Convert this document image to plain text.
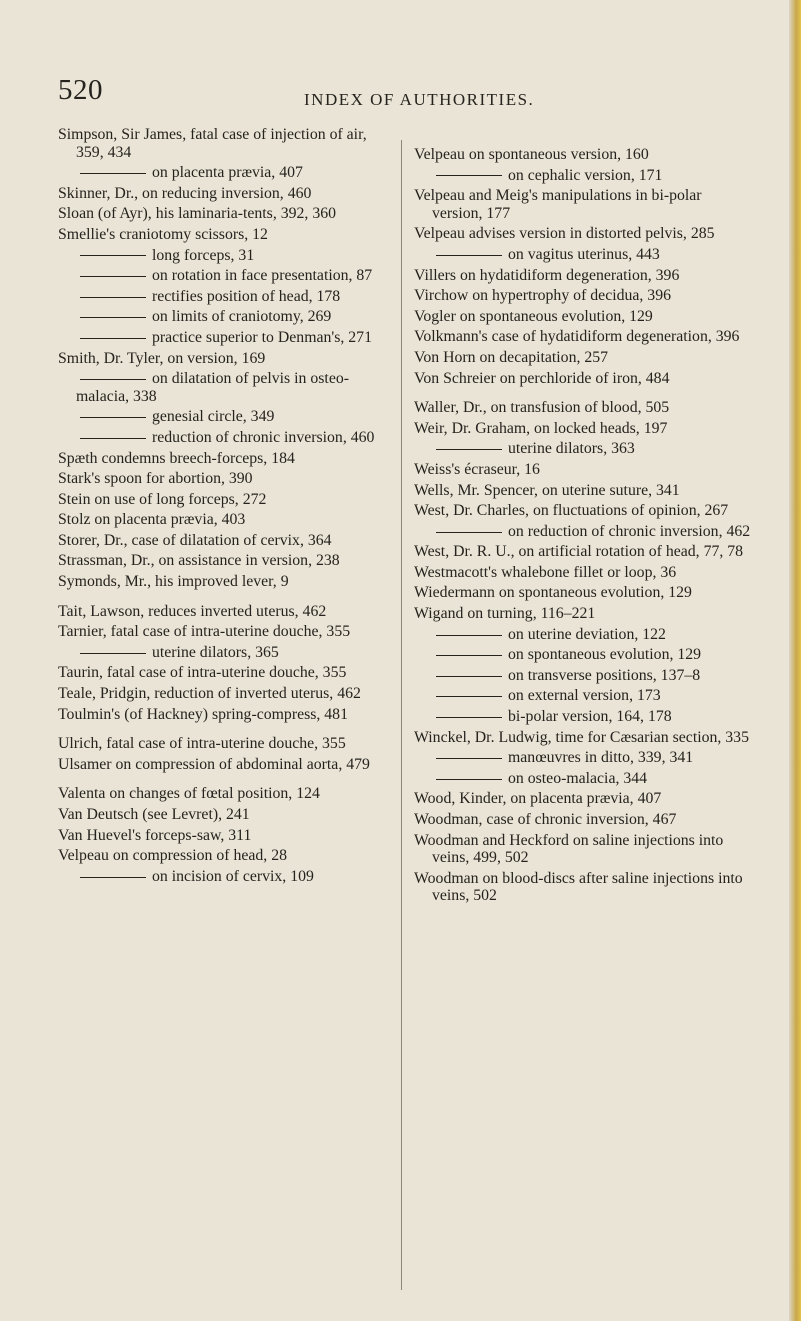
520	INDEX OF AUTHORITIES.
Simpson, Sir James, fatal case of injection of air, 359, 434
on placenta prævia, 407
Skinner, Dr., on reducing inversion, 460
Sloan (of Ayr), his laminaria-tents, 392, 360
Smellie's craniotomy scissors, 12
long forceps, 31
on rotation in face presentation, 87
rectifies position of head, 178
on limits of craniotomy, 269
practice superior to Denman's, 271
Smith, Dr. Tyler, on version, 169
on dilatation of pelvis in osteo-malacia, 338
genesial circle, 349
reduction of chronic inversion, 460
Spæth condemns breech-forceps, 184
Stark's spoon for abortion, 390
Stein on use of long forceps, 272
Stolz on placenta prævia, 403
Storer, Dr., case of dilatation of cervix, 364
Strassman, Dr., on assistance in version, 238
Symonds, Mr., his improved lever, 9
Tait, Lawson, reduces inverted uterus, 462
Tarnier, fatal case of intra-uterine douche, 355
uterine dilators, 365
Taurin, fatal case of intra-uterine douche, 355
Teale, Pridgin, reduction of inverted uterus, 462
Toulmin's (of Hackney) spring-compress, 481
Ulrich, fatal case of intra-uterine douche, 355
Ulsamer on compression of abdominal aorta, 479
Valenta on changes of fœtal position, 124
Van Deutsch (see Levret), 241
Van Huevel's forceps-saw, 311
Velpeau on compression of head, 28
on incision of cervix, 109
Velpeau on spontaneous version, 160
on cephalic version, 171
Velpeau and Meig's manipulations in bi-polar version, 177
Velpeau advises version in distorted pelvis, 285
on vagitus uterinus, 443
Villers on hydatidiform degeneration, 396
Virchow on hypertrophy of decidua, 396
Vogler on spontaneous evolution, 129
Volkmann's case of hydatidiform degeneration, 396
Von Horn on decapitation, 257
Von Schreier on perchloride of iron, 484
Waller, Dr., on transfusion of blood, 505
Weir, Dr. Graham, on locked heads, 197
uterine dilators, 363
Weiss's écraseur, 16
Wells, Mr. Spencer, on uterine suture, 341
West, Dr. Charles, on fluctuations of opinion, 267
on reduction of chronic inversion, 462
West, Dr. R. U., on artificial rotation of head, 77, 78
Westmacott's whalebone fillet or loop, 36
Wiedermann on spontaneous evolution, 129
Wigand on turning, 116–221
on uterine deviation, 122
on spontaneous evolution, 129
on transverse positions, 137–8
on external version, 173
bi-polar version, 164, 178
Winckel, Dr. Ludwig, time for Cæsarian section, 335
manœuvres in ditto, 339, 341
on osteo-malacia, 344
Wood, Kinder, on placenta prævia, 407
Woodman, case of chronic inversion, 467
Woodman and Heckford on saline injections into veins, 499, 502
Woodman on blood-discs after saline injections into veins, 502
